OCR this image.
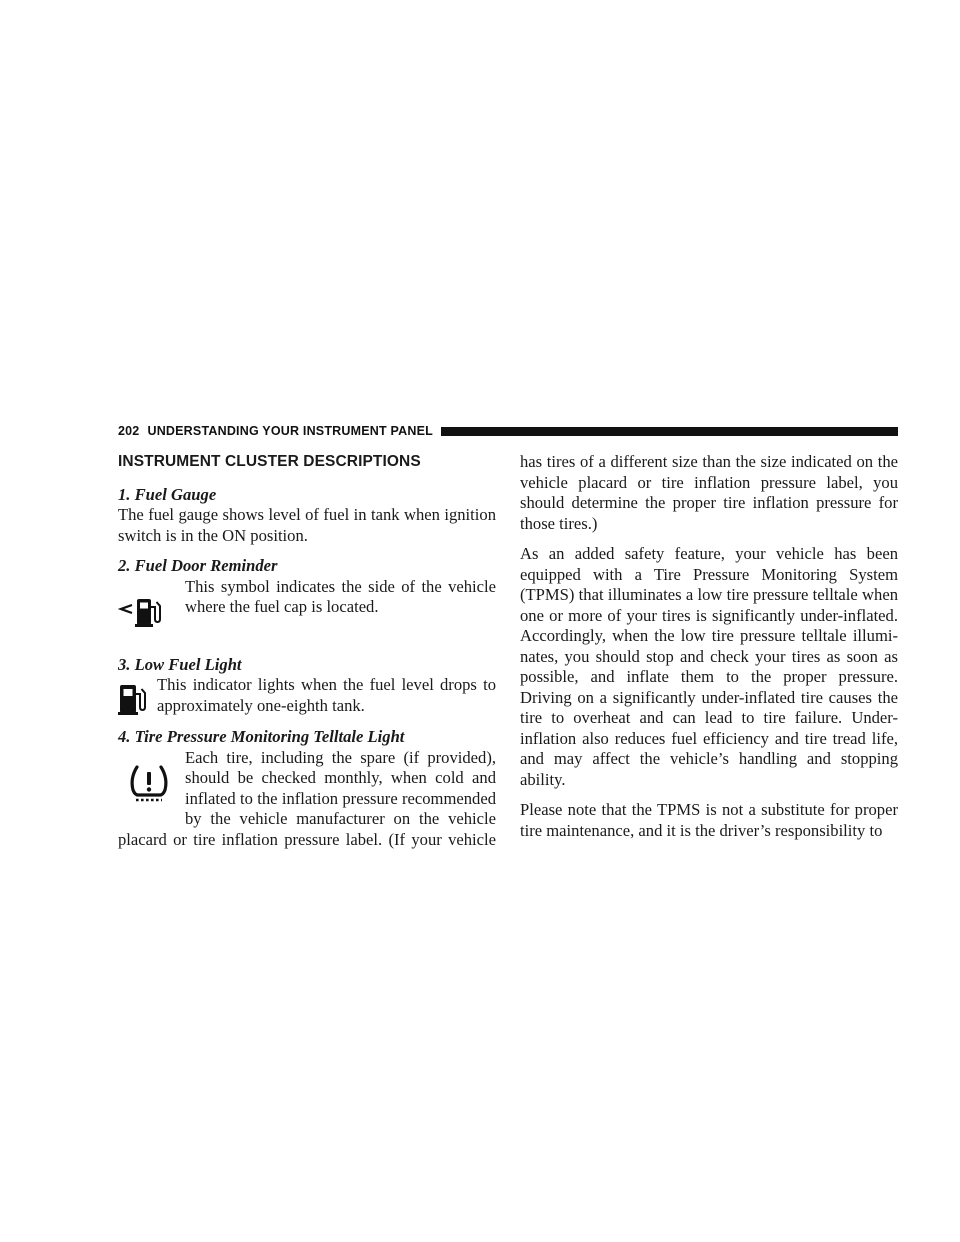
202 UNDERSTANDING YOUR INSTRUMENT PANEL
INSTRUMENT CLUSTER DESCRIPTIONS
1. Fuel Gauge

The fuel gauge shows level of fuel in tank when ignition switch is in the ON position.

2. Fuel Door Reminder

This symbol indicates the side of the vehicle where the fuel cap is located.

3. Low Fuel Light

This indicator lights when the fuel level drops to approximately one-eighth tank.

4. Tire Pressure Monitoring Telltale Light
Each tire, including the spare (if provided),
should be checked monthly, when cold and
inflated to the inflation pressure recommended
by the vehicle manufacturer on the vehicle
placard or tire inflation pressure label. (If your vehicle

has tires of a different size than the size indicated on the vehicle placard or tire inflation pressure label, you should determine the proper tire inflation pressure for those tires.)

As an added safety feature, your vehicle has been equipped with a Tire Pressure Monitoring System (TPMS) that illuminates a low tire pressure telltale when one or more of your tires is significantly under-inflated. Accordingly, when the low tire pressure telltale illumi-nates, you should stop and check your tires as soon as possible, and inflate them to the proper pressure. Driving on a significantly under-inflated tire causes the tire to overheat and can lead to tire failure. Under-inflation also reduces fuel efficiency and tire tread life, and may affect the vehicle’s handling and stopping ability.

Please note that the TPMS is not a substitute for proper tire maintenance, and it is the driver’s responsibility to
